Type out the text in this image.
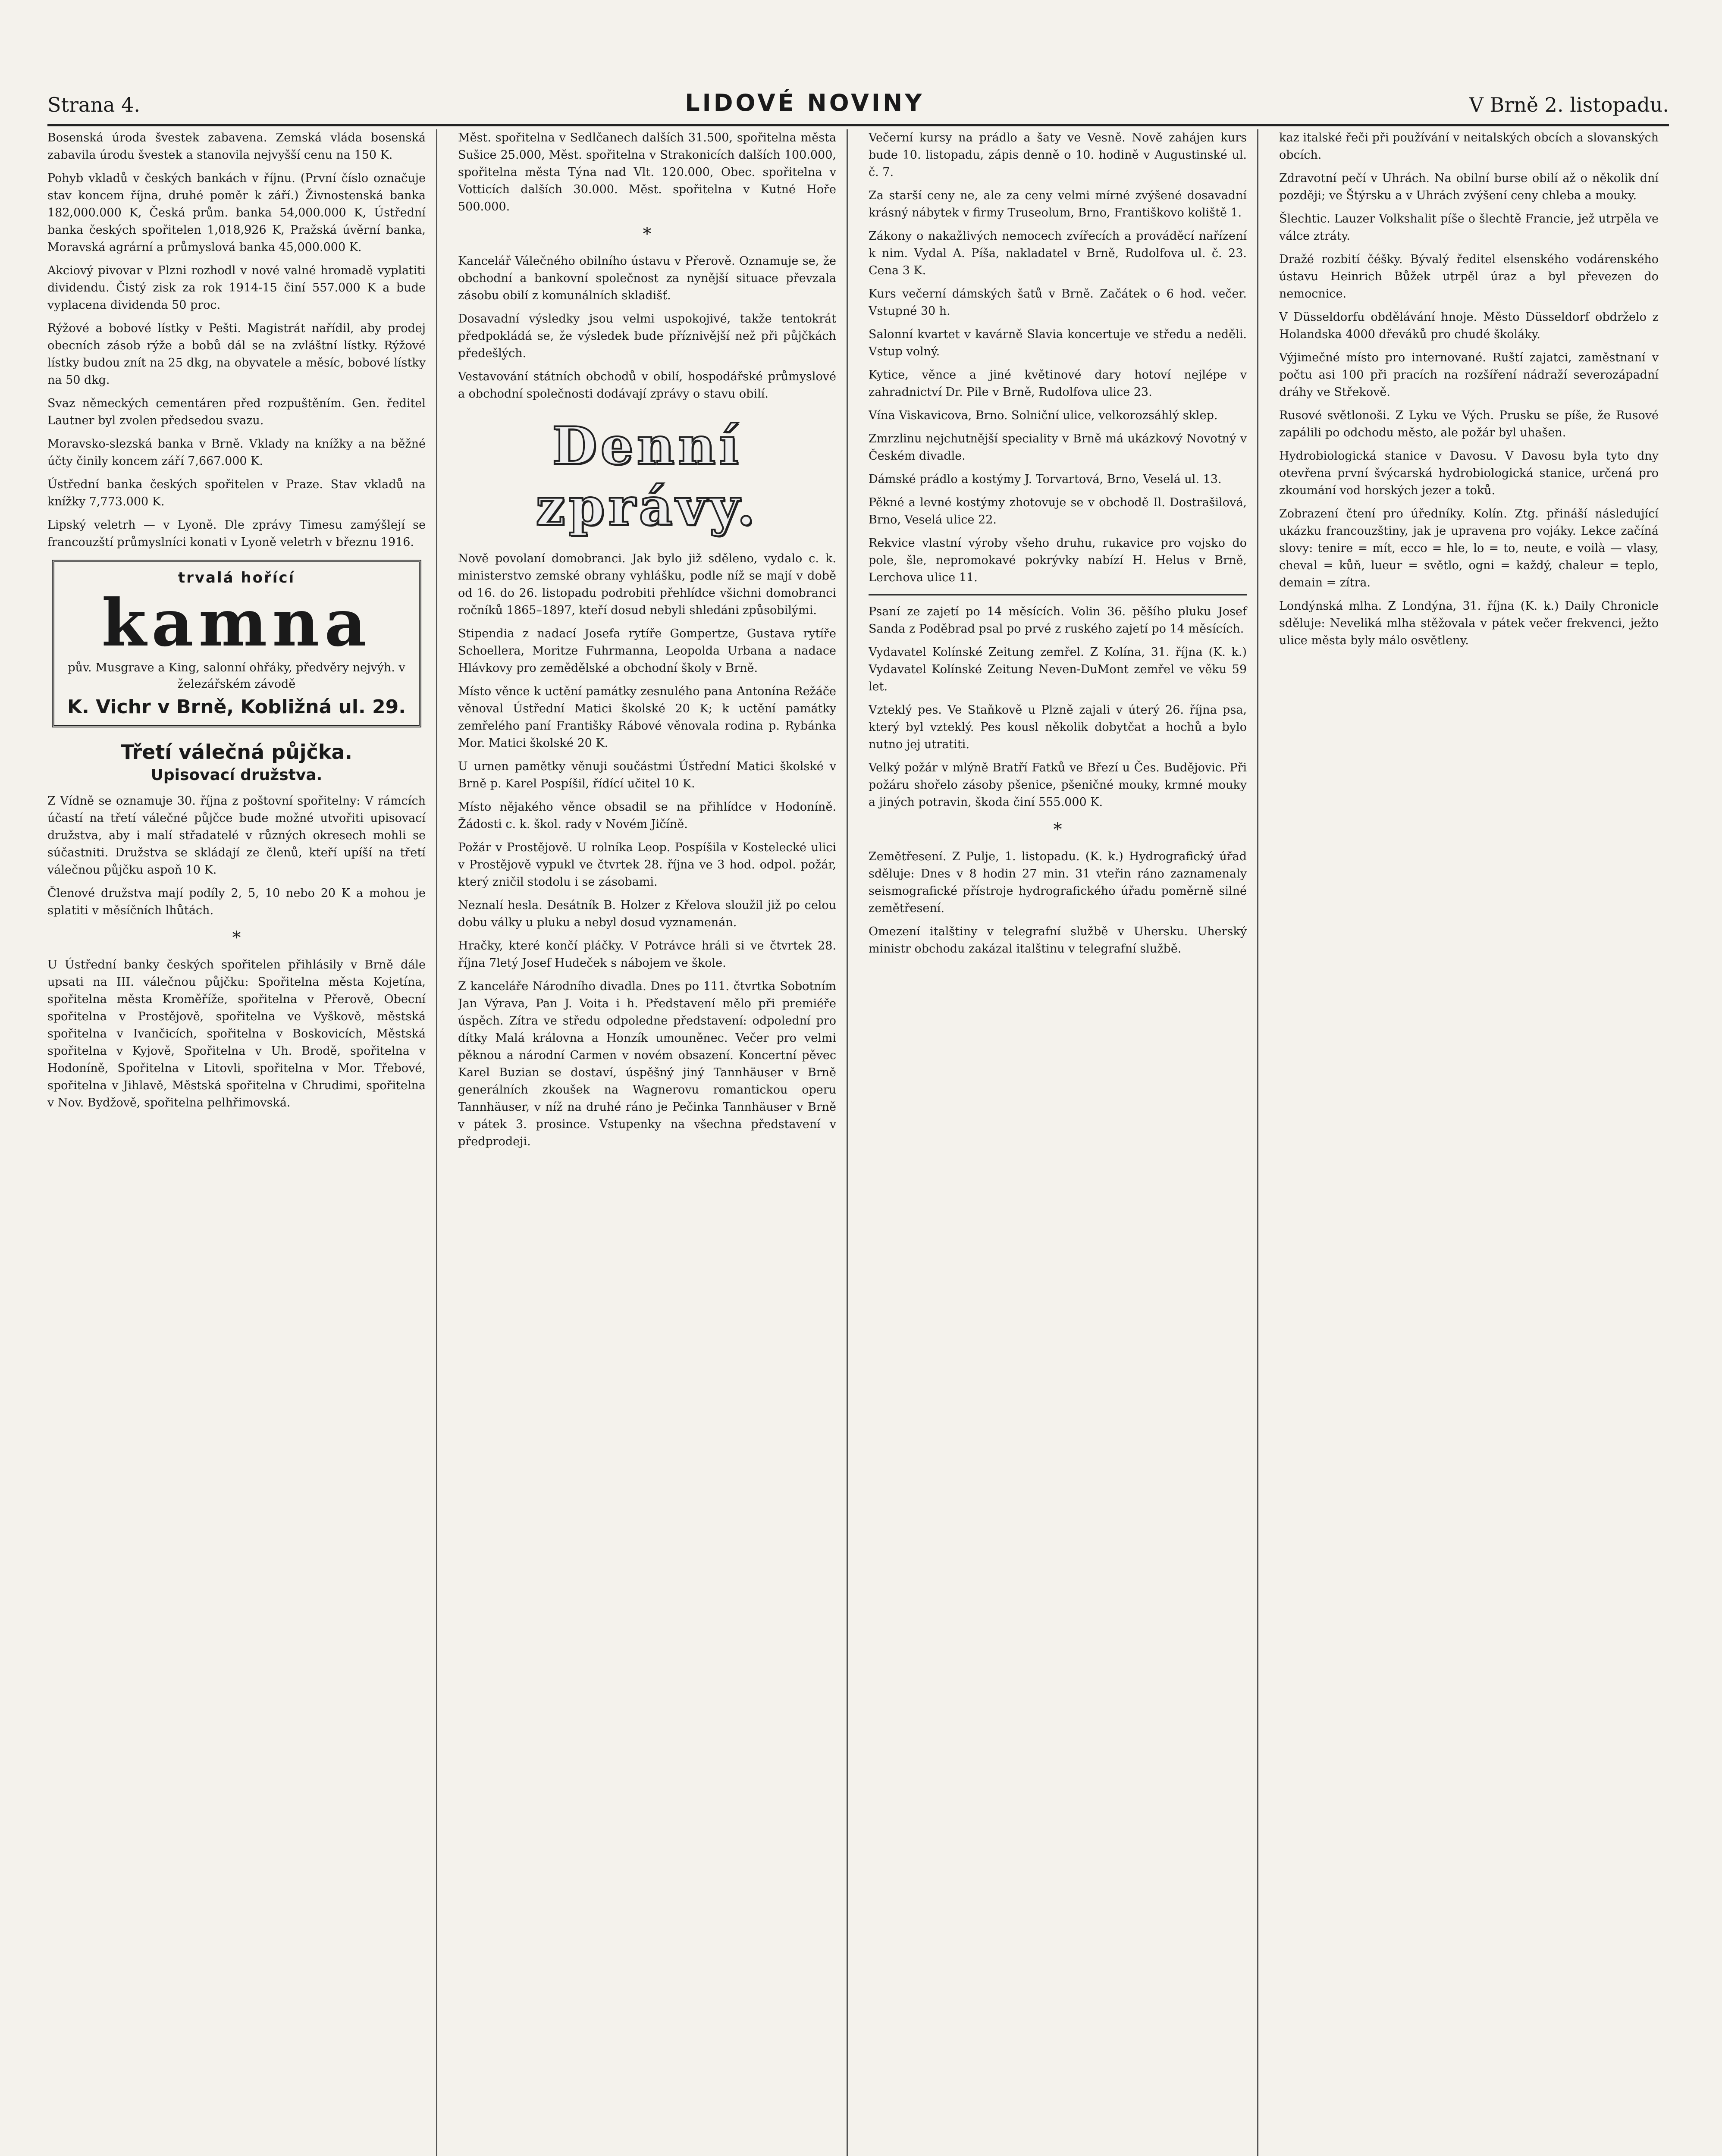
Strana 4.	LIDOVÉ NOVINY	V Brně 2. listopadu.

Bosenská úroda švestek zabavena. Zemská vláda bosenská zabavila úrodu švestek a stanovila nejvyšší cenu na 150 K.

Pohyb vkladů v českých bankách v říjnu. (První číslo označuje stav koncem října, druhé poměr k září.) Živnostenská banka 182,000.000 K, Česká prům. banka 54,000.000 K, Ústřední banka českých spořitelen 1,018,926 K, Pražská úvěrní banka, Moravská agrární a průmyslová banka 45,000.000 K.

Akciový pivovar v Plzni rozhodl v nové valné hromadě vyplatiti dividendu. Čistý zisk za rok 1914-15 činí 557.000 K a bude vyplacena dividenda 50 proc.

Rýžové a bobové lístky v Pešti. Magistrát nařídil, aby prodej obecních zásob rýže a bobů dál se na zvláštní lístky. Rýžové lístky budou znít na 25 dkg, na obyvatele a měsíc, bobové lístky na 50 dkg.

Svaz německých cementáren před rozpuštěním. Gen. ředitel Lautner byl zvolen předsedou svazu.

Moravsko-slezská banka v Brně. Vklady na knížky a na běžné účty činily koncem září 7,667.000 K.

Ústřední banka českých spořitelen v Praze. Stav vkladů na knížky 7,773.000 K.

Lipský veletrh — v Lyoně. Dle zprávy Timesu zamýšlejí se francouzští průmyslníci konati v Lyoně veletrh v březnu 1916.

trvalá hořící
kamna
pův. Musgrave a King, salonní ohřáky, předvěry nejvýh. v železářském závodě
K. Vichr v Brně, Kobližná ul. 29.
Třetí válečná půjčka.
Upisovací družstva.

Z Vídně se oznamuje 30. října z poštovní spořitelny: V rámcích účastí na třetí válečné půjčce bude možné utvořiti upisovací družstva, aby i malí střadatelé v různých okresech mohli se súčastniti. Družstva se skládají ze členů, kteří upíší na třetí válečnou půjčku aspoň 10 K.

Členové družstva mají podíly 2, 5, 10 nebo 20 K a mohou je splatiti v měsíčních lhůtách.

*

U Ústřední banky českých spořitelen přihlásily v Brně dále upsati na III. válečnou půjčku: Spořitelna města Kojetína, spořitelna města Kroměříže, spořitelna v Přerově, Obecní spořitelna v Prostějově, spořitelna ve Vyškově, městská spořitelna v Ivančicích, spořitelna v Boskovicích, Městská spořitelna v Kyjově, Spořitelna v Uh. Brodě, spořitelna v Hodoníně, Spořitelna v Litovli, spořitelna v Mor. Třebové, spořitelna v Jihlavě, Městská spořitelna v Chrudimi, spořitelna v Nov. Bydžově, spořitelna pelhřimovská.

Měst. spořitelna v Sedlčanech dalších 31.500, spořitelna města Sušice 25.000, Měst. spořitelna v Strakonicích dalších 100.000, spořitelna města Týna nad Vlt. 120.000, Obec. spořitelna v Votticích dalších 30.000. Měst. spořitelna v Kutné Hoře 500.000.

*

Kancelář Válečného obilního ústavu v Přerově. Oznamuje se, že obchodní a bankovní společnost za nynější situace převzala zásobu obilí z komunálních skladišť.

Dosavadní výsledky jsou velmi uspokojivé, takže tentokrát předpokládá se, že výsledek bude příznivější než při půjčkách předešlých.

Vestavování státních obchodů v obilí, hospodářské průmyslové a obchodní společnosti dodávají zprávy o stavu obilí.

Denní zprávy.

Nově povolaní domobranci. Jak bylo již sděleno, vydalo c. k. ministerstvo zemské obrany vyhlášku, podle níž se mají v době od 16. do 26. listopadu podrobiti přehlídce všichni domobranci ročníků 1865–1897, kteří dosud nebyli shledáni způsobilými.

Stipendia z nadací Josefa rytíře Gompertze, Gustava rytíře Schoellera, Moritze Fuhrmanna, Leopolda Urbana a nadace Hlávkovy pro zemědělské a obchodní školy v Brně.

Místo věnce k uctění památky zesnulého pana Antonína Režáče věnoval Ústřední Matici školské 20 K; k uctění památky zemřelého paní Františky Rábové věnovala rodina p. Rybánka Mor. Matici školské 20 K.

U urnen pamětky věnuji součástmi Ústřední Matici školské v Brně p. Karel Pospíšil, řídící učitel 10 K.

Místo nějakého věnce obsadil se na přihlídce v Hodoníně. Žádosti c. k. škol. rady v Novém Jičíně.

Požár v Prostějově. U rolníka Leop. Pospíšila v Kostelecké ulici v Prostějově vypukl ve čtvrtek 28. října ve 3 hod. odpol. požár, který zničil stodolu i se zásobami.

Neznalí hesla. Desátník B. Holzer z Křelova sloužil již po celou dobu války u pluku a nebyl dosud vyznamenán.

Hračky, které končí pláčky. V Potrávce hráli si ve čtvrtek 28. října 7letý Josef Hudeček s nábojem ve škole.

Z kanceláře Národního divadla. Dnes po 111. čtvrtka Sobotním Jan Výrava, Pan J. Voita i h. Představení mělo při premiéře úspěch. Zítra ve středu odpoledne představení: odpolední pro dítky Malá královna a Honzík umouněnec. Večer pro velmi pěknou a národní Carmen v novém obsazení. Koncertní pěvec Karel Buzian se dostaví, úspěšný jiný Tannhäuser v Brně generálních zkoušek na Wagnerovu romantickou operu Tannhäuser, v níž na druhé ráno je Pečinka Tannhäuser v Brně v pátek 3. prosince. Vstupenky na všechna představení v předprodeji.

Večerní kursy na prádlo a šaty ve Vesně. Nově zahájen kurs bude 10. listopadu, zápis denně o 10. hodině v Augustinské ul. č. 7.

Za starší ceny ne, ale za ceny velmi mírné zvýšené dosavadní krásný nábytek v firmy Truseolum, Brno, Františkovo koliště 1.

Zákony o nakažlivých nemocech zvířecích a prováděcí nařízení k nim. Vydal A. Píša, nakladatel v Brně, Rudolfova ul. č. 23. Cena 3 K.

Kurs večerní dámských šatů v Brně. Začátek o 6 hod. večer. Vstupné 30 h.

Salonní kvartet v kavárně Slavia koncertuje ve středu a neděli. Vstup volný.

Kytice, věnce a jiné květinové dary hotoví nejlépe v zahradnictví Dr. Pile v Brně, Rudolfova ulice 23.

Vína Viskavicova, Brno. Solniční ulice, velkorozsáhlý sklep.

Zmrzlinu nejchutnější speciality v Brně má ukázkový Novotný v Českém divadle.

Dámské prádlo a kostýmy J. Torvartová, Brno, Veselá ul. 13.

Pěkné a levné kostýmy zhotovuje se v obchodě Il. Dostrašilová, Brno, Veselá ulice 22.

Rekvice vlastní výroby všeho druhu, rukavice pro vojsko do pole, šle, nepromokavé pokrývky nabízí H. Helus v Brně, Lerchova ulice 11.

Psaní ze zajetí po 14 měsících. Volin 36. pěšího pluku Josef Sanda z Poděbrad psal po prvé z ruského zajetí po 14 měsících.

Vydavatel Kolínské Zeitung zemřel. Z Kolína, 31. října (K. k.) Vydavatel Kolínské Zeitung Neven-DuMont zemřel ve věku 59 let.

Vzteklý pes. Ve Staňkově u Plzně zajali v úterý 26. října psa, který byl vzteklý. Pes kousl několik dobytčat a hochů a bylo nutno jej utratiti.

Velký požár v mlýně Bratří Fatků ve Březí u Čes. Budějovic. Při požáru shořelo zásoby pšenice, pšeničné mouky, krmné mouky a jiných potravin, škoda činí 555.000 K.

*

Zemětřesení. Z Pulje, 1. listopadu. (K. k.) Hydrografický úřad sděluje: Dnes v 8 hodin 27 min. 31 vteřin ráno zaznamenaly seismografické přístroje hydrografického úřadu poměrně silné zemětřesení.

Omezení italštiny v telegrafní službě v Uhersku. Uherský ministr obchodu zakázal italštinu v telegrafní službě.

kaz italské řeči při používání v neitalských obcích a slovanských obcích.

Zdravotní pečí v Uhrách. Na obilní burse obilí až o několik dní později; ve Štýrsku a v Uhrách zvýšení ceny chleba a mouky.

Šlechtic. Lauzer Volkshalit píše o šlechtě Francie, jež utrpěla ve válce ztráty.

Dražé rozbití čéšky. Bývalý ředitel elsenského vodárenského ústavu Heinrich Bůžek utrpěl úraz a byl převezen do nemocnice.

V Düsseldorfu obdělávání hnoje. Město Düsseldorf obdrželo z Holandska 4000 dřeváků pro chudé školáky.

Výjimečné místo pro internované. Ruští zajatci, zaměstnaní v počtu asi 100 při pracích na rozšíření nádraží severozápadní dráhy ve Střekově.

Rusové světlonoši. Z Lyku ve Vých. Prusku se píše, že Rusové zapálili po odchodu město, ale požár byl uhašen.

Hydrobiologická stanice v Davosu. V Davosu byla tyto dny otevřena první švýcarská hydrobiologická stanice, určená pro zkoumání vod horských jezer a toků.

Zobrazení čtení pro úředníky. Kolín. Ztg. přináší následující ukázku francouzštiny, jak je upravena pro vojáky. Lekce začíná slovy: tenire = mít, ecco = hle, lo = to, neute, e voilà — vlasy, cheval = kůň, lueur = světlo, ogni = každý, chaleur = teplo, demain = zítra.

Londýnská mlha. Z Londýna, 31. října (K. k.) Daily Chronicle sděluje: Neveliká mlha stěžovala v pátek večer frekvenci, ježto ulice města byly málo osvětleny.
